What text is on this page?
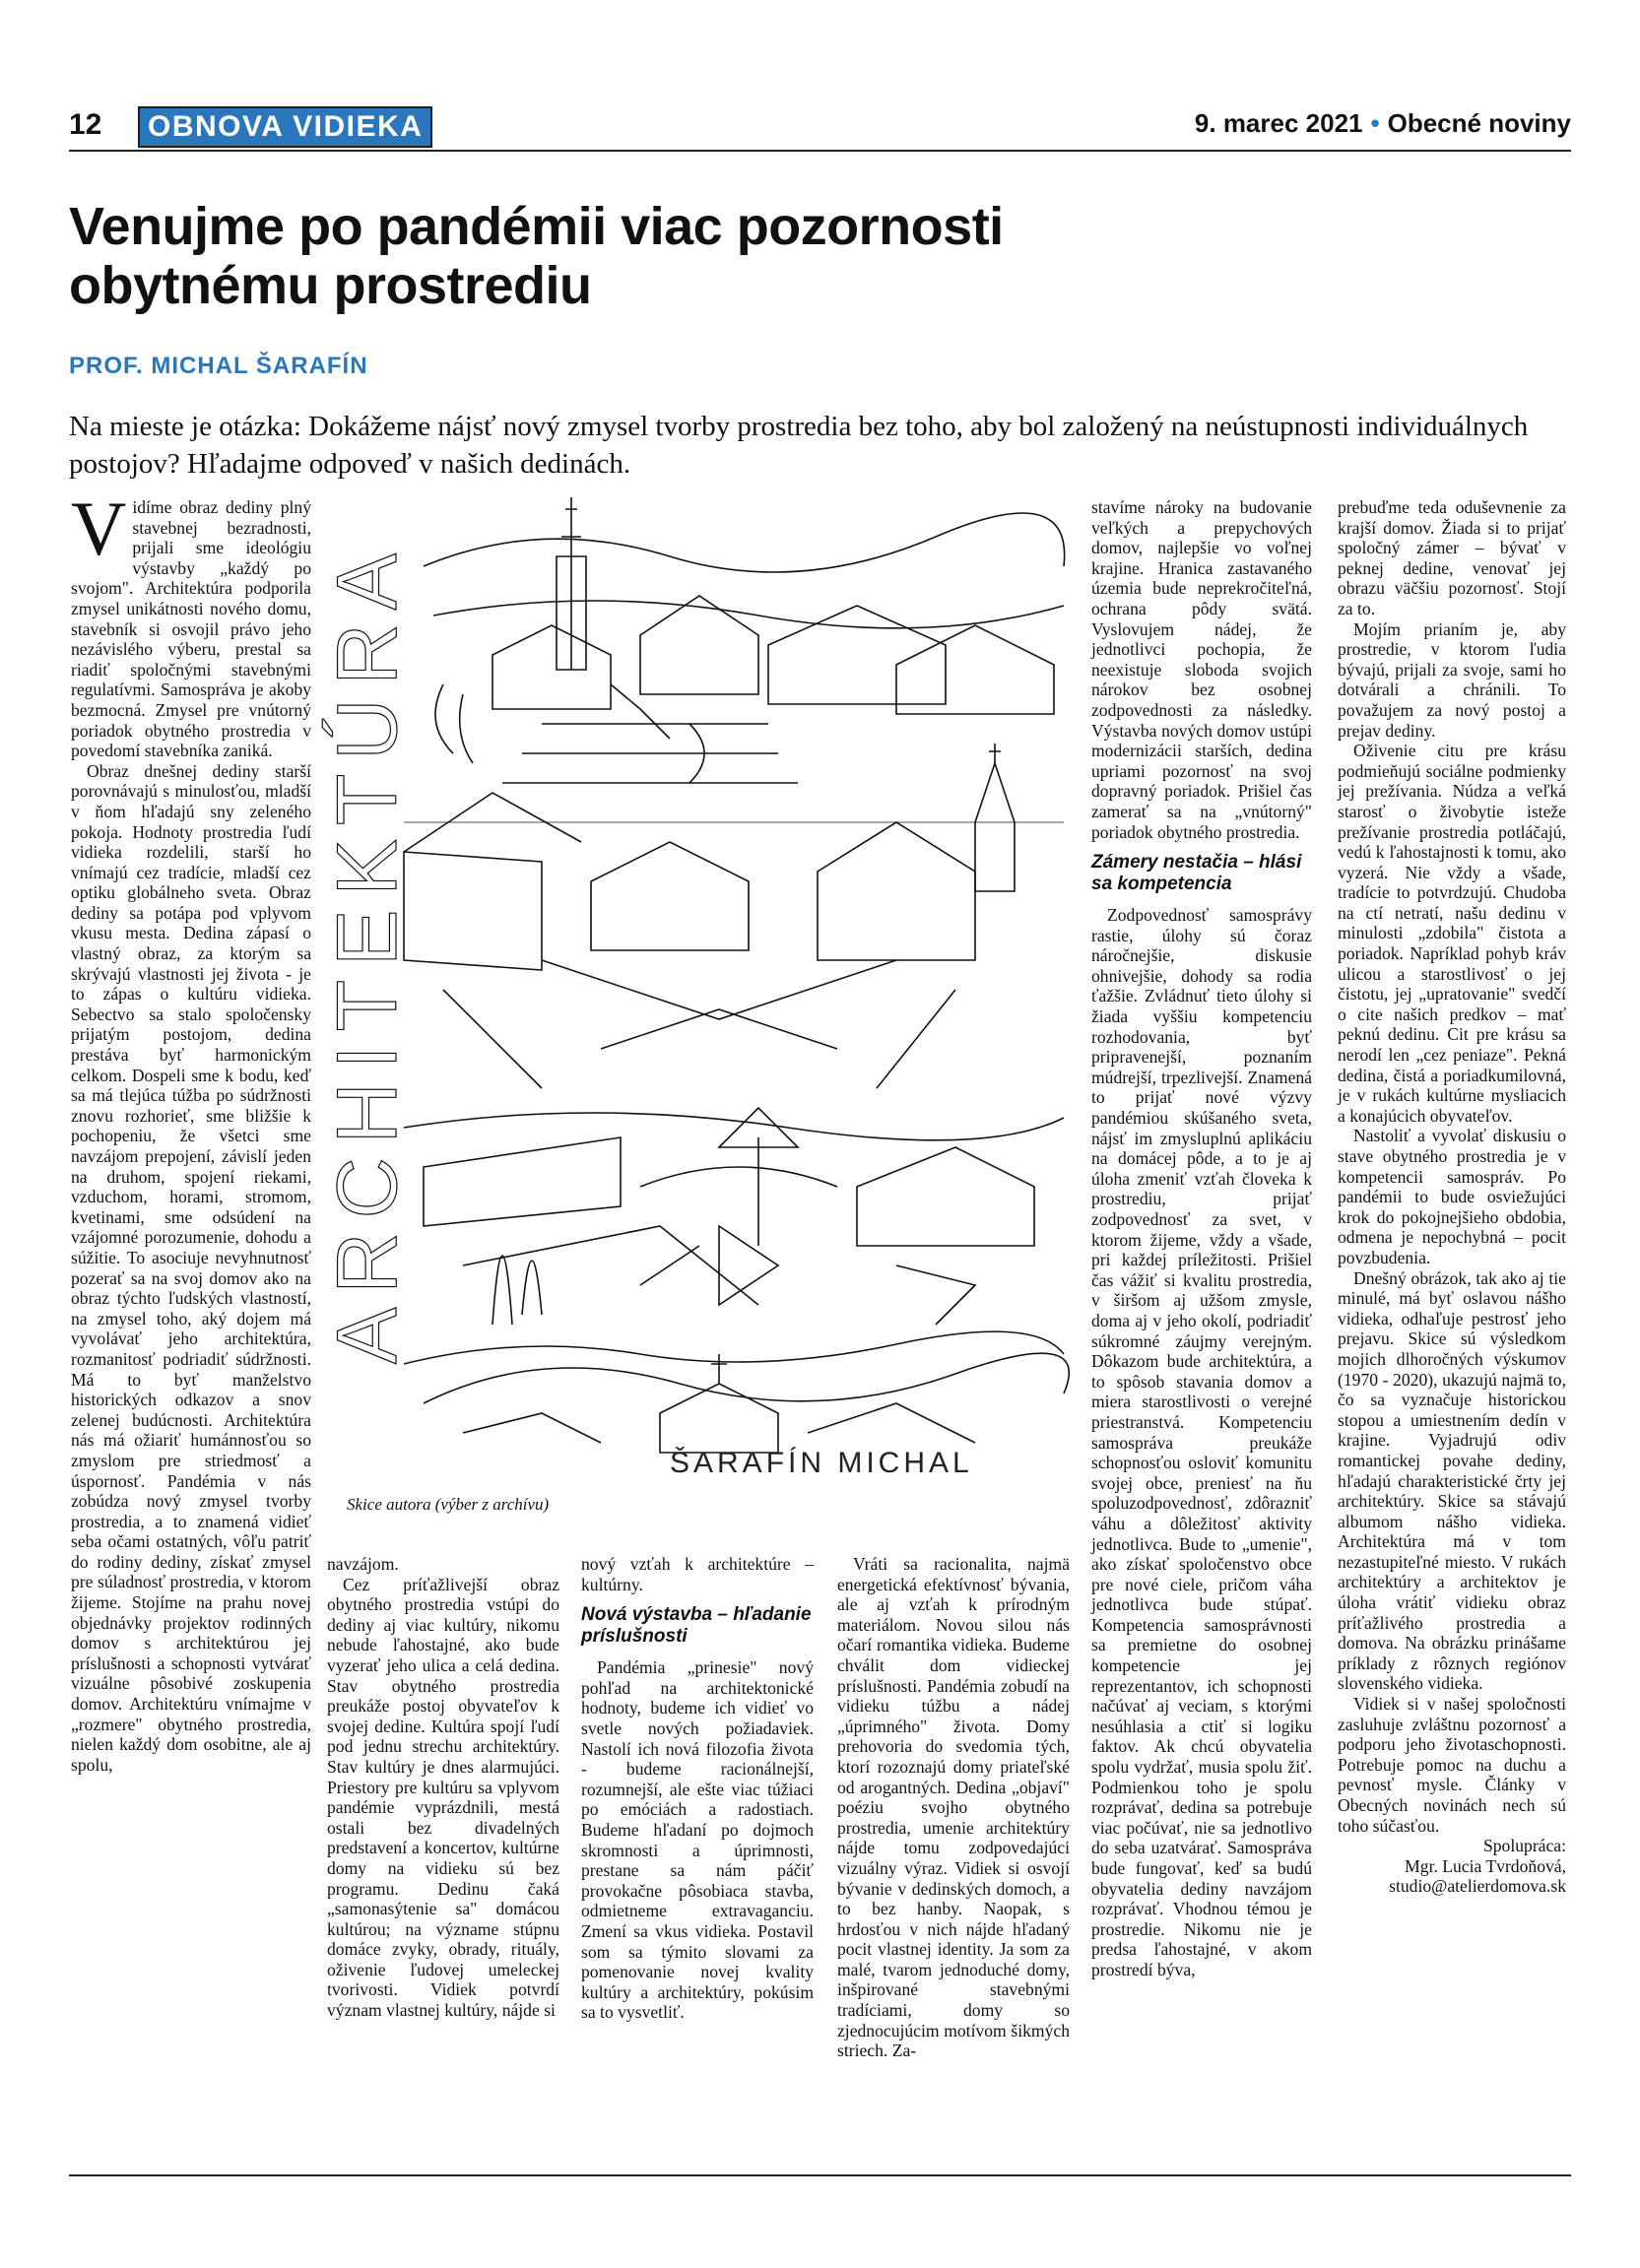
12	OBNOVA VIDIEKA	9. marec 2021 • Obecné noviny
Venujme po pandémii viac pozornosti
obytnému prostrediu
PROF. MICHAL ŠARAFÍN

Na mieste je otázka: Dokážeme nájsť nový zmysel tvorby prostredia bez toho, aby bol založený na neústupnosti individuálnych postojov? Hľadajme odpoveď v našich dedinách.

Vidíme obraz dediny plný stavebnej bezradnosti, prijali sme ideológiu výstavby „každý po svojom". Architektúra podporila zmysel unikátnosti nového domu, stavebník si osvojil právo jeho nezávislého výberu, prestal sa riadiť spoločnými stavebnými regulatívmi. Samospráva je akoby bezmocná. Zmysel pre vnútorný poriadok obytného prostredia v povedomí stavebníka zaniká.

Obraz dnešnej dediny starší porovnávajú s minulosťou, mladší v ňom hľadajú sny zeleného pokoja. Hodnoty prostredia ľudí vidieka rozdelili, starší ho vnímajú cez tradície, mladší cez optiku globálneho sveta. Obraz dediny sa potápa pod vplyvom vkusu mesta. Dedina zápasí o vlastný obraz, za ktorým sa skrývajú vlastnosti jej života - je to zápas o kultúru vidieka. Sebectvo sa stalo spoločensky prijatým postojom, dedina prestáva byť harmonickým celkom. Dospeli sme k bodu, keď sa má tlejúca túžba po súdržnosti znovu rozhorieť, sme bližšie k pochopeniu, že všetci sme navzájom prepojení, závislí jeden na druhom, spojení riekami, vzduchom, horami, stromom, kvetinami, sme odsúdení na vzájomné porozumenie, dohodu a súžitie. To asociuje nevyhnutnosť pozerať sa na svoj domov ako na obraz týchto ľudských vlastností, na zmysel toho, aký dojem má vyvolávať jeho architektúra, rozmanitosť podriadiť súdržnosti. Má to byť manželstvo historických odkazov a snov zelenej budúcnosti. Architektúra nás má ožiariť humánnosťou so zmyslom pre striedmosť a úspornosť. Pandémia v nás zobúdza nový zmysel tvorby prostredia, a to znamená vidieť seba očami ostatných, vôľu patriť do rodiny dediny, získať zmysel pre súladnosť prostredia, v ktorom žijeme. Stojíme na prahu novej objednávky projektov rodinných domov s architektúrou jej príslušnosti a schopnosti vytvárať vizuálne pôsobivé zoskupenia domov. Architektúru vnímajme v „rozmere" obytného prostredia, nielen každý dom osobitne, ale aj spolu,

ARCHITEKTÚRA
ŠARAFÍN MICHAL
Skice autora (výber z archívu)

navzájom.

Cez príťažlivejší obraz obytného prostredia vstúpi do dediny aj viac kultúry, nikomu nebude ľahostajné, ako bude vyzerať jeho ulica a celá dedina. Stav obytného prostredia preukáže postoj obyvateľov k svojej dedine. Kultúra spojí ľudí pod jednu strechu architektúry. Stav kultúry je dnes alarmujúci. Priestory pre kultúru sa vplyvom pandémie vyprázdnili, mestá ostali bez divadelných predstavení a koncertov, kultúrne domy na vidieku sú bez programu. Dedinu čaká „samonasýtenie sa" domácou kultúrou; na význame stúpnu domáce zvyky, obrady, rituály, oživenie ľudovej umeleckej tvorivosti. Vidiek potvrdí význam vlastnej kultúry, nájde si

nový vzťah k architektúre – kultúrny.

Nová výstavba – hľadanie príslušnosti

Pandémia „prinesie" nový pohľad na architektonické hodnoty, budeme ich vidieť vo svetle nových požiadaviek. Nastolí ich nová filozofia života - budeme racionálnejší, rozumnejší, ale ešte viac túžiaci po emóciách a radostiach. Budeme hľadaní po dojmoch skromnosti a úprimnosti, prestane sa nám páčiť provokačne pôsobiaca stavba, odmietneme extravaganciu. Zmení sa vkus vidieka. Postavil som sa týmito slovami za pomenovanie novej kvality kultúry a architektúry, pokúsim sa to vysvetliť.

Vráti sa racionalita, najmä energetická efektívnosť bývania, ale aj vzťah k prírodným materiálom. Novou silou nás očarí romantika vidieka. Budeme chválit dom vidieckej príslušnosti. Pandémia zobudí na vidieku túžbu a nádej „úprimného" života. Domy prehovoria do svedomia tých, ktorí rozoznajú domy priateľské od arogantných. Dedina „objaví" poéziu svojho obytného prostredia, umenie architektúry nájde tomu zodpovedajúci vizuálny výraz. Vidiek si osvojí bývanie v dedinských domoch, a to bez hanby. Naopak, s hrdosťou v nich nájde hľadaný pocit vlastnej identity. Ja som za malé, tvarom jednoduché domy, inšpirované stavebnými tradíciami, domy so zjednocujúcim motívom šikmých striech. Za-

stavíme nároky na budovanie veľkých a prepychových domov, najlepšie vo voľnej krajine. Hranica zastavaného územia bude neprekročiteľná, ochrana pôdy svätá. Vyslovujem nádej, že jednotlivci pochopia, že neexistuje sloboda svojich nárokov bez osobnej zodpovednosti za následky. Výstavba nových domov ustúpi modernizácii starších, dedina upriami pozornosť na svoj dopravný poriadok. Prišiel čas zamerať sa na „vnútorný" poriadok obytného prostredia.

Zámery nestačia – hlási sa kompetencia

Zodpovednosť samosprávy rastie, úlohy sú čoraz náročnejšie, diskusie ohnivejšie, dohody sa rodia ťažšie. Zvládnuť tieto úlohy si žiada vyššiu kompetenciu rozhodovania, byť pripravenejší, poznaním múdrejší, trpezlivejší. Znamená to prijať nové výzvy pandémiou skúšaného sveta, nájsť im zmysluplnú aplikáciu na domácej pôde, a to je aj úloha zmeniť vzťah človeka k prostrediu, prijať zodpovednosť za svet, v ktorom žijeme, vždy a všade, pri každej príležitosti. Prišiel čas vážiť si kvalitu prostredia, v širšom aj užšom zmysle, doma aj v jeho okolí, podriadiť súkromné záujmy verejným. Dôkazom bude architektúra, a to spôsob stavania domov a miera starostlivosti o verejné priestranstvá. Kompetenciu samospráva preukáže schopnosťou osloviť komunitu svojej obce, preniesť na ňu spoluzodpovednosť, zdôrazniť váhu a dôležitosť aktivity jednotlivca. Bude to „umenie", ako získať spoločenstvo obce pre nové ciele, pričom váha jednotlivca bude stúpať. Kompetencia samosprávnosti sa premietne do osobnej kompetencie jej reprezentantov, ich schopnosti načúvať aj veciam, s ktorými nesúhlasia a ctiť si logiku faktov. Ak chcú obyvatelia spolu vydržať, musia spolu žiť. Podmienkou toho je spolu rozprávať, dedina sa potrebuje viac počúvať, nie sa jednotlivo do seba uzatvárať. Samospráva bude fungovať, keď sa budú obyvatelia dediny navzájom rozprávať. Vhodnou témou je prostredie. Nikomu nie je predsa ľahostajné, v akom prostredí býva,

prebuďme teda oduševnenie za krajší domov. Žiada si to prijať spoločný zámer – bývať v peknej dedine, venovať jej obrazu väčšiu pozornosť. Stojí za to.

Mojím prianím je, aby prostredie, v ktorom ľudia bývajú, prijali za svoje, sami ho dotvárali a chránili. To považujem za nový postoj a prejav dediny.

Oživenie citu pre krásu podmieňujú sociálne podmienky jej prežívania. Núdza a veľká starosť o živobytie isteže prežívanie prostredia potláčajú, vedú k ľahostajnosti k tomu, ako vyzerá. Nie vždy a všade, tradície to potvrdzujú. Chudoba na ctí netratí, našu dedinu v minulosti „zdobila" čistota a poriadok. Napríklad pohyb kráv ulicou a starostlivosť o jej čistotu, jej „upratovanie" svedčí o cite našich predkov – mať peknú dedinu. Cit pre krásu sa nerodí len „cez peniaze". Pekná dedina, čistá a poriadkumilovná, je v rukách kultúrne mysliacich a konajúcich obyvateľov.

Nastoliť a vyvolať diskusiu o stave obytného prostredia je v kompetencii samospráv. Po pandémii to bude osviežujúci krok do pokojnejšieho obdobia, odmena je nepochybná – pocit povzbudenia.

Dnešný obrázok, tak ako aj tie minulé, má byť oslavou nášho vidieka, odhaľuje pestrosť jeho prejavu. Skice sú výsledkom mojich dlhoročných výskumov (1970 - 2020), ukazujú najmä to, čo sa vyznačuje historickou stopou a umiestnením dedín v krajine. Vyjadrujú odiv romantickej povahe dediny, hľadajú charakteristické črty jej architektúry. Skice sa stávajú albumom nášho vidieka. Architektúra má v tom nezastupiteľné miesto. V rukách architektúry a architektov je úloha vrátiť vidieku obraz príťažlivého prostredia a domova. Na obrázku prinášame príklady z rôznych regiónov slovenského vidieka.

Vidiek si v našej spoločnosti zasluhuje zvláštnu pozornosť a podporu jeho životaschopnosti. Potrebuje pomoc na duchu a pevnosť mysle. Články v Obecných novinách nech sú toho súčasťou.

Spolupráca:

Mgr. Lucia Tvrdoňová,

studio@atelierdomova.sk
